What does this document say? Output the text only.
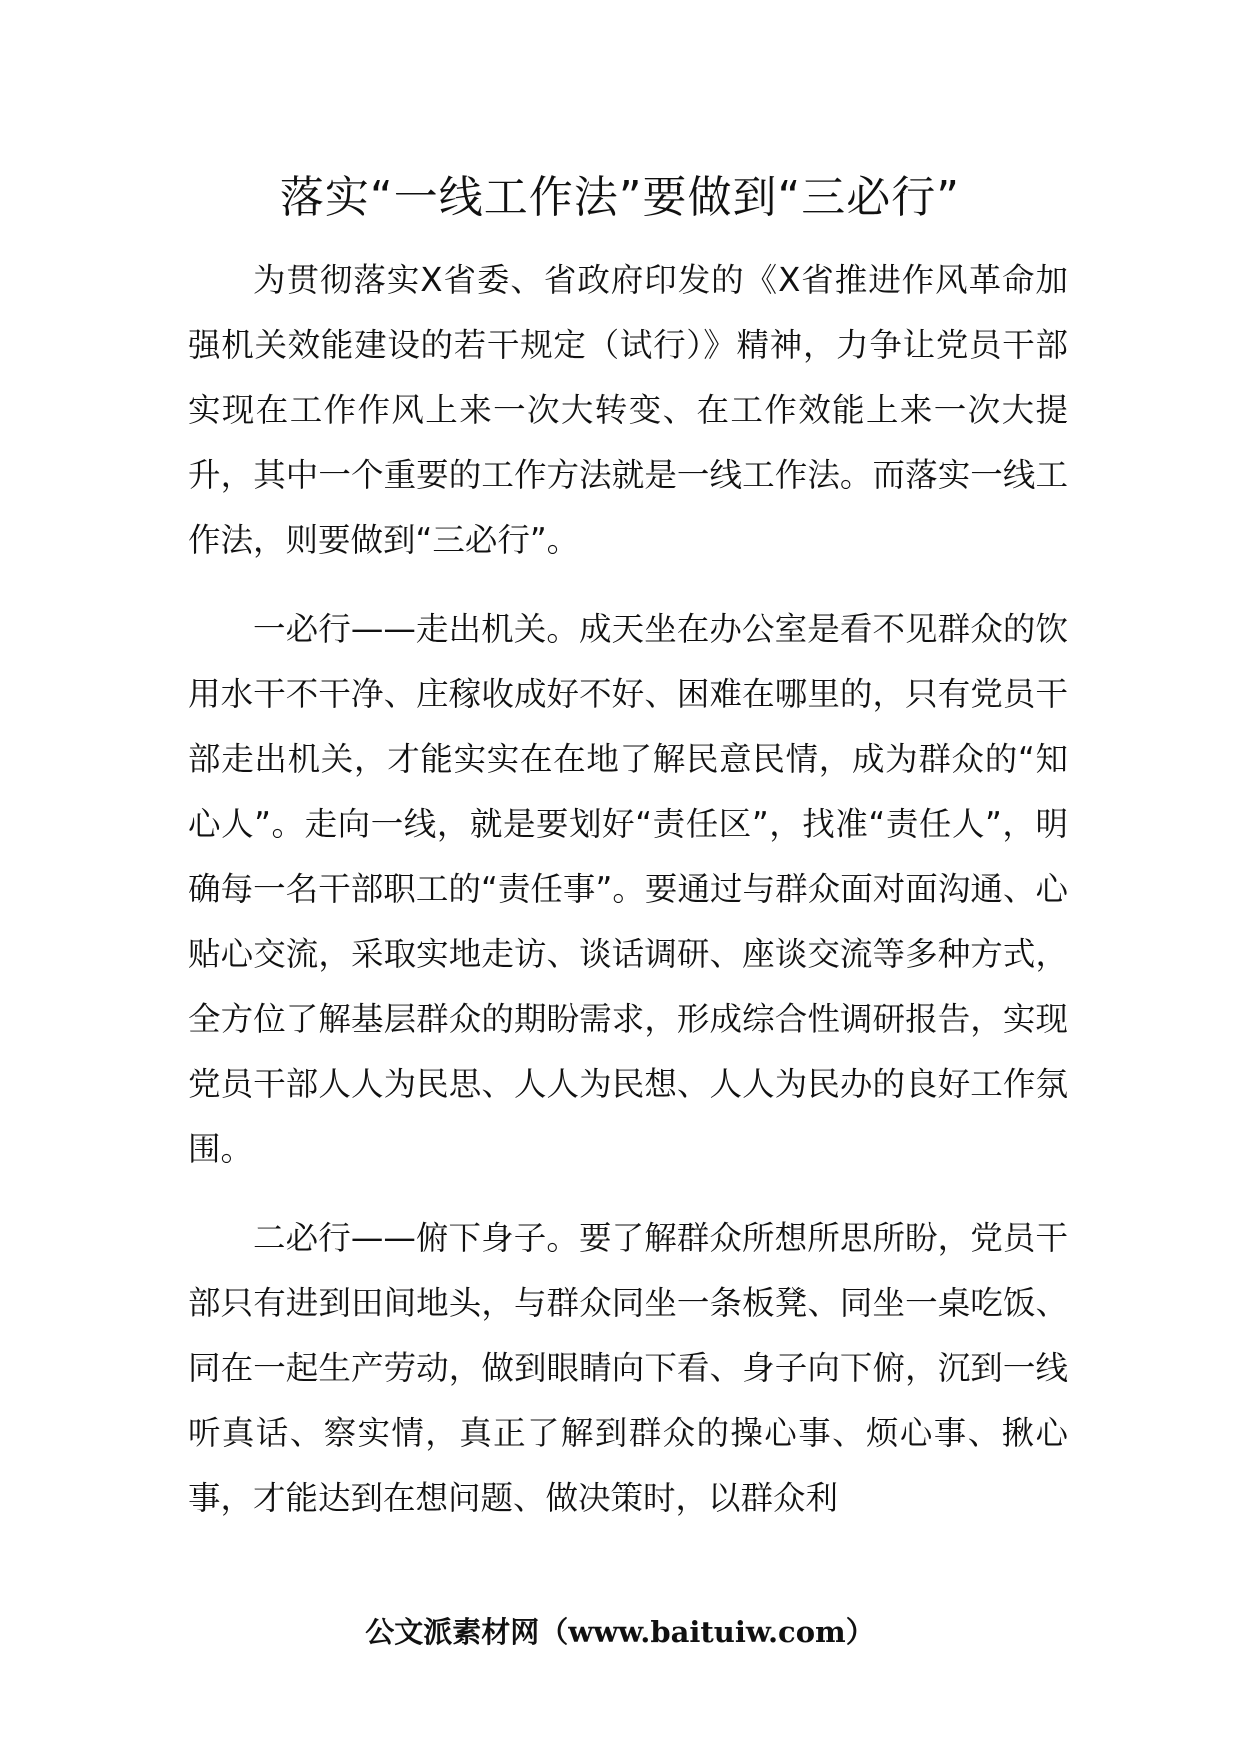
落实“一线工作法”要做到“三必行”

为贯彻落实X省委、省政府印发的《X省推进作风革命加强机关效能建设的若干规定（试行）》精神，力争让党员干部实现在工作作风上来一次大转变、在工作效能上来一次大提升，其中一个重要的工作方法就是一线工作法。而落实一线工作法，则要做到“三必行”。

一必行——走出机关。成天坐在办公室是看不见群众的饮用水干不干净、庄稼收成好不好、困难在哪里的，只有党员干部走出机关，才能实实在在地了解民意民情，成为群众的“知心人”。走向一线，就是要划好“责任区”，找准“责任人”，明确每一名干部职工的“责任事”。要通过与群众面对面沟通、心贴心交流，采取实地走访、谈话调研、座谈交流等多种方式，全方位了解基层群众的期盼需求，形成综合性调研报告，实现党员干部人人为民思、人人为民想、人人为民办的良好工作氛围。

二必行——俯下身子。要了解群众所想所思所盼，党员干部只有进到田间地头，与群众同坐一条板凳、同坐一桌吃饭、同在一起生产劳动，做到眼睛向下看、身子向下俯，沉到一线听真话、察实情，真正了解到群众的操心事、烦心事、揪心事，才能达到在想问题、做决策时，以群众利

公文派素材网（www.baituiw.com）
